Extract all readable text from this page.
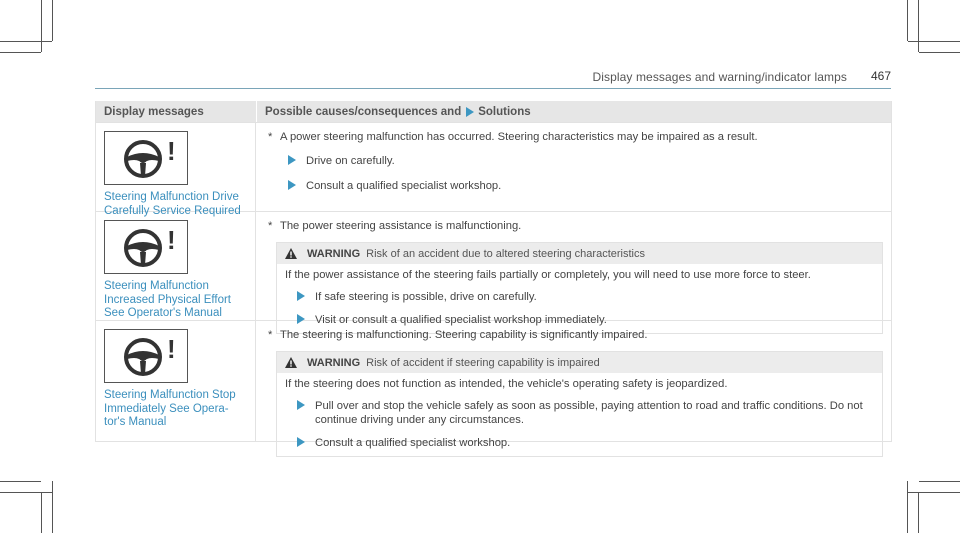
Display messages and warning/indicator lamps 467
Display messages	Possible causes/consequences and Solutions
!
Steering Malfunction Drive
Carefully Service Required
* A power steering malfunction has occurred. Steering characteristics may be impaired as a result.
Drive on carefully.
Consult a qualified specialist workshop.
!
Steering Malfunction
Increased Physical Effort
See Operator's Manual
* The power steering assistance is malfunctioning.
WARNING Risk of an accident due to altered steering characteristics
If the power assistance of the steering fails partially or completely, you will need to use more force to steer.
If safe steering is possible, drive on carefully.
Visit or consult a qualified specialist workshop immediately.
!
Steering Malfunction Stop
Immediately See Opera-
tor's Manual
* The steering is malfunctioning. Steering capability is significantly impaired.
WARNING Risk of accident if steering capability is impaired
If the steering does not function as intended, the vehicle's operating safety is jeopardized.
Pull over and stop the vehicle safely as soon as possible, paying attention to road and traffic conditions. Do not continue driving under any circumstances.
Consult a qualified specialist workshop.
